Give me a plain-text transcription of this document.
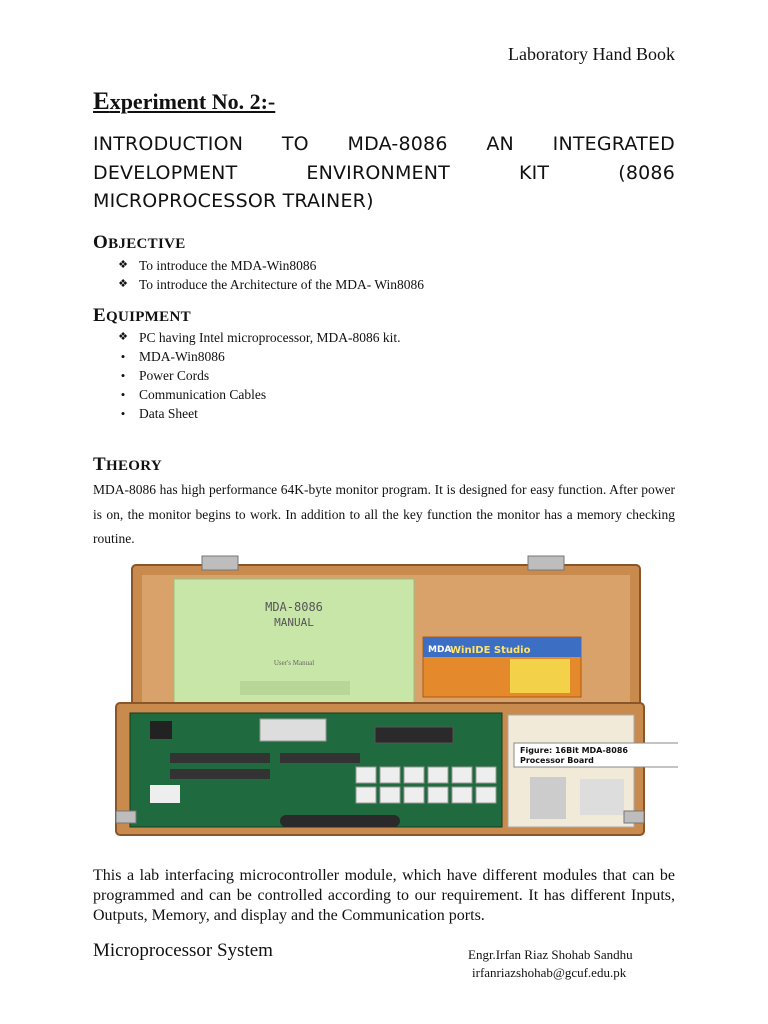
Laboratory Hand Book
Experiment No. 2:-
INTRODUCTION TO MDA-8086 AN INTEGRATED
DEVELOPMENT ENVIRONMENT KIT (8086
MICROPROCESSOR TRAINER)
OBJECTIVE
❖ To introduce the MDA-Win8086
❖ To introduce the Architecture of the MDA- Win8086
EQUIPMENT
❖ PC having Intel microprocessor, MDA-8086 kit.
•	MDA-Win8086
•	Power Cords
•	Communication Cables
•	Data Sheet
THEORY
MDA-8086 has high performance 64K-byte monitor program. It is designed for easy function. After power is on, the monitor begins to work. In addition to all the key function the monitor has a memory checking routine.
MDA-8086
MANUAL
User's Manual
MDA
WinIDE Studio
Figure: 16Bit MDA-8086
Processor Board
This a lab interfacing microcontroller module, which have different modules that can be programmed and can be controlled according to our requirement. It has different Inputs, Outputs, Memory, and display and the Communication ports.
Microprocessor System	Engr.Irfan Riaz Shohab Sandhu
irfanriazshohab@gcuf.edu.pk
